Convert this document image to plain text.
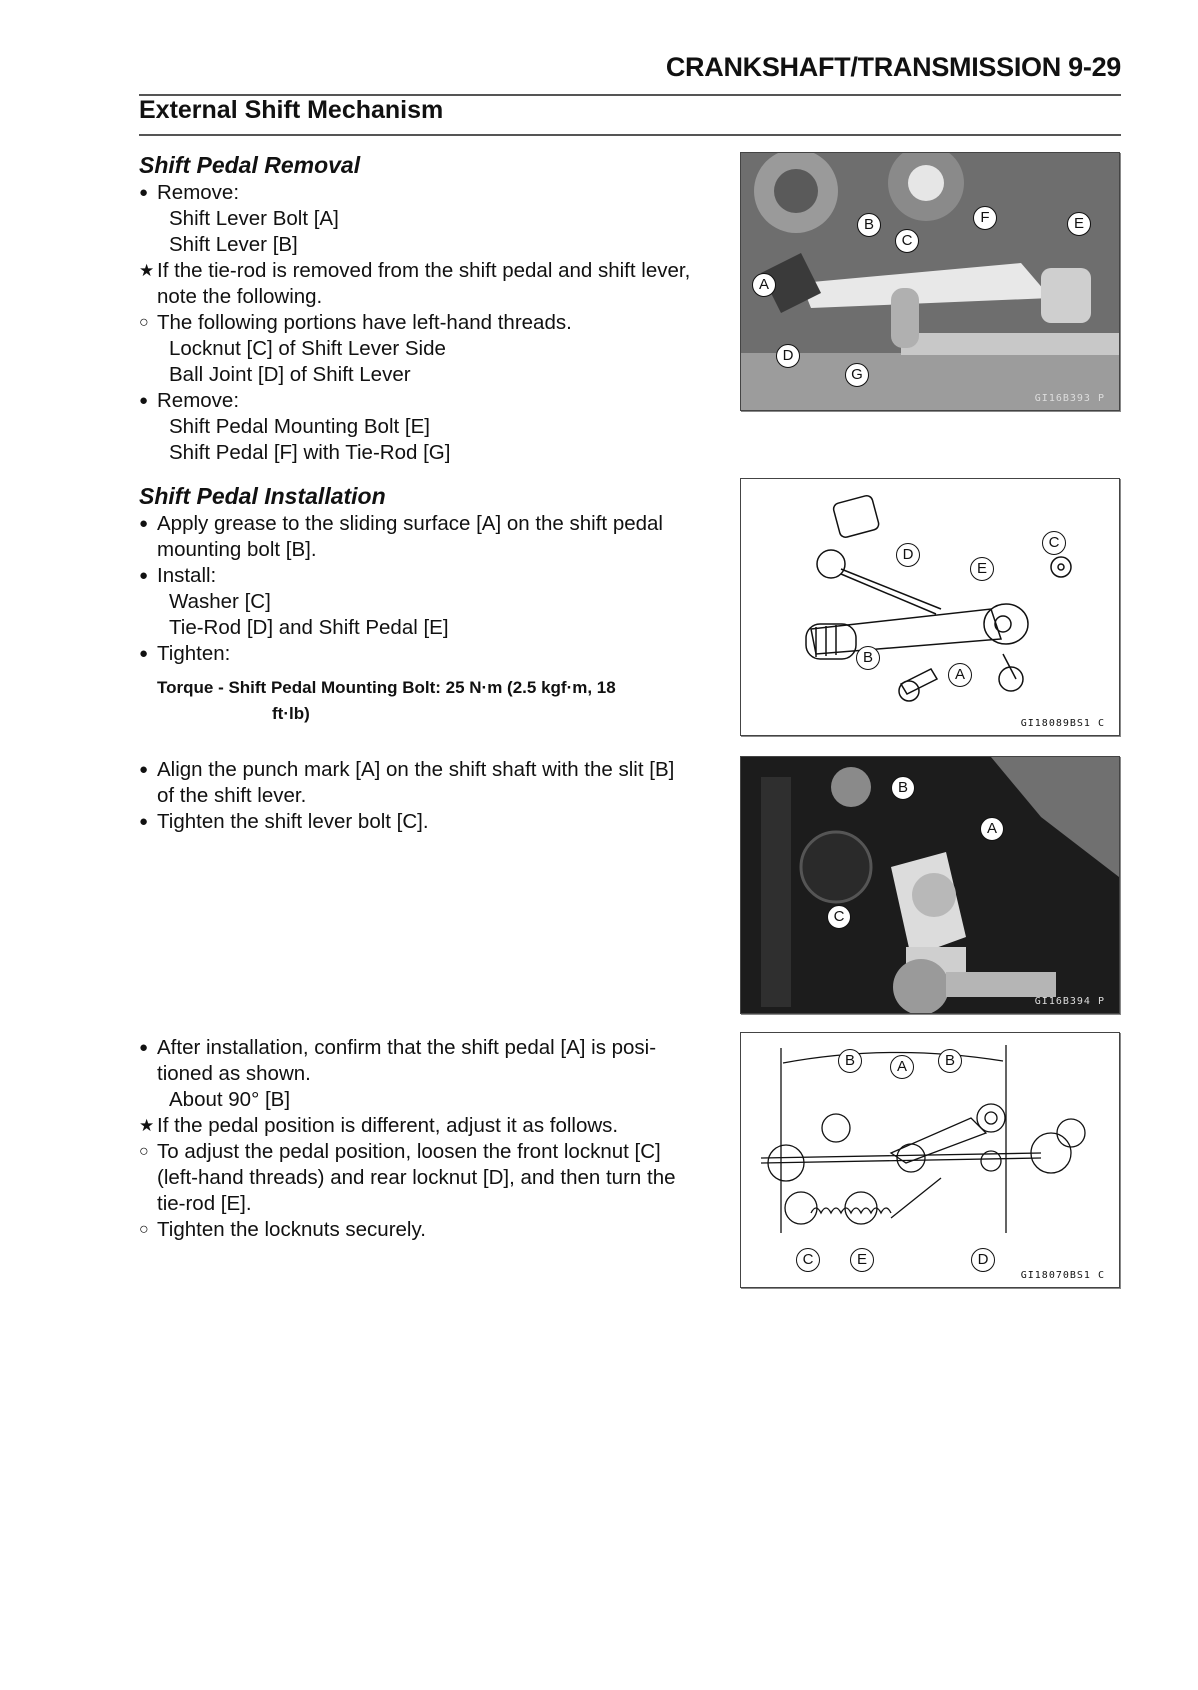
CRANKSHAFT/TRANSMISSION 9-29
External Shift Mechanism
Shift Pedal Removal
● Remove:
Shift Lever Bolt [A]
Shift Lever [B]
★ If the tie-rod is removed from the shift pedal and shift lever,
note the following.
○ The following portions have left-hand threads.
Locknut [C] of Shift Lever Side
Ball Joint [D] of Shift Lever
● Remove:
Shift Pedal Mounting Bolt [E]
Shift Pedal [F] with Tie-Rod [G]
Shift Pedal Installation
● Apply grease to the sliding surface [A] on the shift pedal
mounting bolt [B].
● Install:
Washer [C]
Tie-Rod [D] and Shift Pedal [E]
● Tighten:
Torque - Shift Pedal Mounting Bolt: 25 N·m (2.5 kgf·m, 18
ft·lb)
● Align the punch mark [A] on the shift shaft with the slit [B]
of the shift lever.
● Tighten the shift lever bolt [C].
● After installation, confirm that the shift pedal [A] is posi-
tioned as shown.
About 90° [B]
★ If the pedal position is different, adjust it as follows.
○ To adjust the pedal position, loosen the front locknut [C]
(left-hand threads) and rear locknut [D], and then turn the
tie-rod [E].
○ Tighten the locknuts securely.
GI16B393 P
GI18089BS1 C
GI16B394 P
GI18070BS1 C
A
B
C
D
E
F
G
A
B
C
D
E
B
C
A
B	A	B
C	E	D
